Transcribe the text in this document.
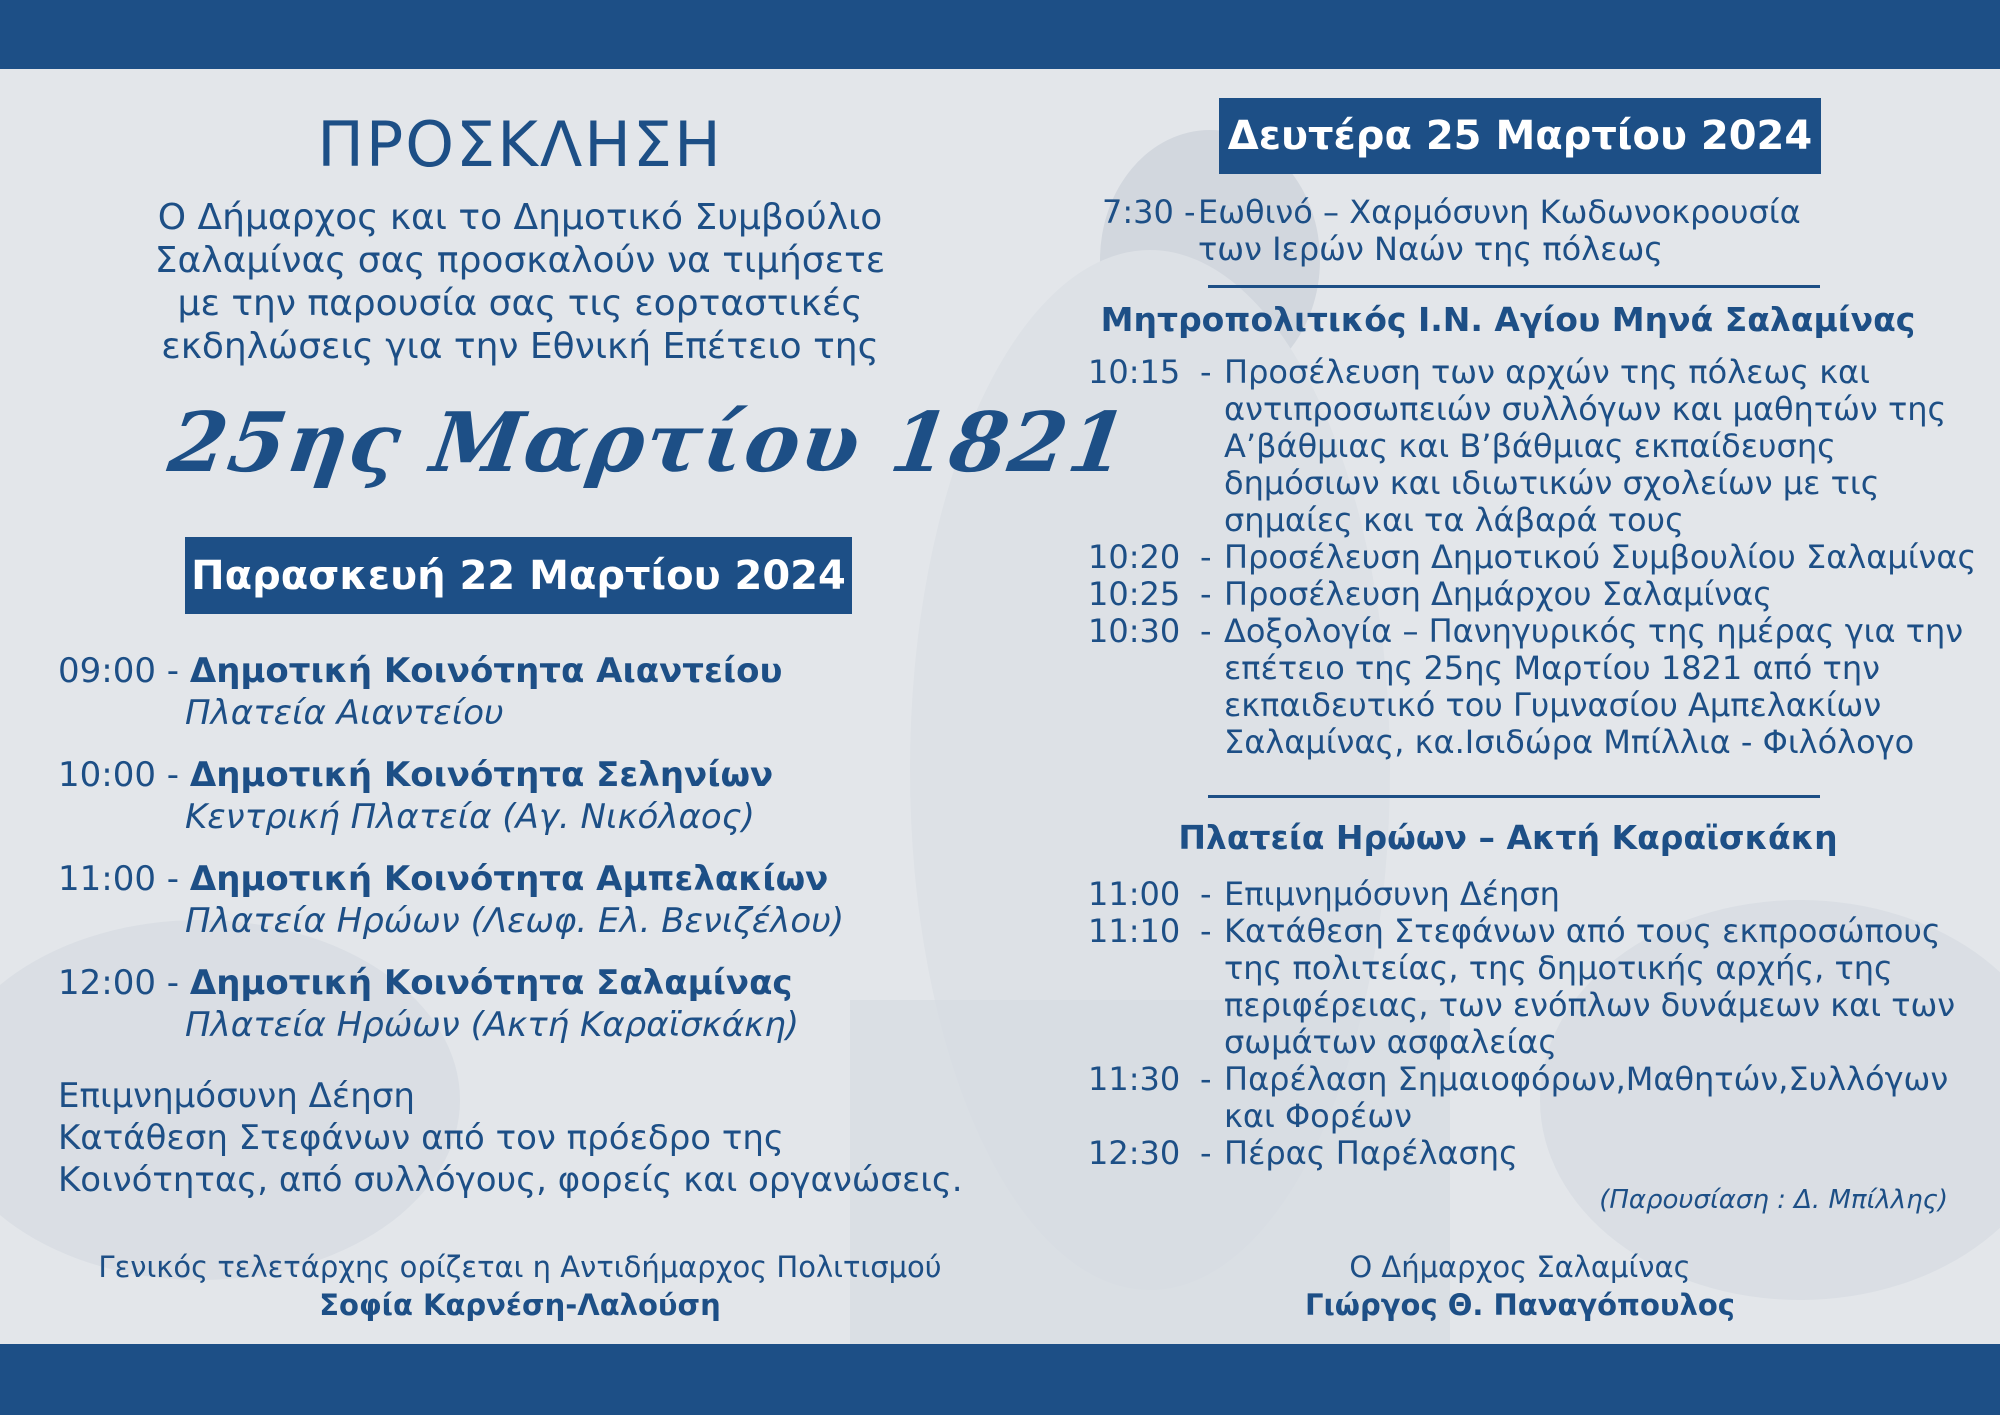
ΠΡΟΣΚΛΗΣΗ
Ο Δήμαρχος και το Δημοτικό Συμβούλιο
Σαλαμίνας σας προσκαλούν να τιμήσετε
με την παρουσία σας τις εορταστικές
εκδηλώσεις για την Εθνική Επέτειο της
25ης Μαρτίου 1821
Παρασκευή 22 Μαρτίου 2024
09:00 - Δημοτική Κοινότητα Αιαντείου
Πλατεία Αιαντείου
10:00 - Δημοτική Κοινότητα Σεληνίων
Κεντρική Πλατεία (Αγ. Νικόλαος)
11:00 - Δημοτική Κοινότητα Αμπελακίων
Πλατεία Ηρώων (Λεωφ. Ελ. Βενιζέλου)
12:00 - Δημοτική Κοινότητα Σαλαμίνας
Πλατεία Ηρώων (Ακτή Καραϊσκάκη)
Επιμνημόσυνη Δέηση
Κατάθεση Στεφάνων από τον πρόεδρο της
Κοινότητας, από συλλόγους, φορείς και οργανώσεις.
Γενικός τελετάρχης ορίζεται η Αντιδήμαρχος Πολιτισμού
Σοφία Καρνέση-Λαλούση
Δευτέρα 25 Μαρτίου 2024
7:30 - Εωθινό – Χαρμόσυνη Κωδωνοκρουσία
των Ιερών Ναών της πόλεως
Μητροπολιτικός Ι.Ν. Αγίου Μηνά Σαλαμίνας
10:15 - Προσέλευση των αρχών της πόλεως και
αντιπροσωπειών συλλόγων και μαθητών της
Α’βάθμιας και Β’βάθμιας εκπαίδευσης
δημόσιων και ιδιωτικών σχολείων με τις
σημαίες και τα λάβαρά τους
10:20 - Προσέλευση Δημοτικού Συμβουλίου Σαλαμίνας
10:25 - Προσέλευση Δημάρχου Σαλαμίνας
10:30 - Δοξολογία – Πανηγυρικός της ημέρας για την
επέτειο της 25ης Μαρτίου 1821 από την
εκπαιδευτικό του Γυμνασίου Αμπελακίων
Σαλαμίνας, κα.Ισιδώρα Μπίλλια - Φιλόλογο
Πλατεία Ηρώων – Ακτή Καραϊσκάκη
11:00 - Επιμνημόσυνη Δέηση
11:10 - Κατάθεση Στεφάνων από τους εκπροσώπους
της πολιτείας, της δημοτικής αρχής, της
περιφέρειας, των ενόπλων δυνάμεων και των
σωμάτων ασφαλείας
11:30 - Παρέλαση Σημαιοφόρων,Μαθητών,Συλλόγων
και Φορέων
12:30 - Πέρας Παρέλασης
(Παρουσίαση : Δ. Μπίλλης)
Ο Δήμαρχος Σαλαμίνας
Γιώργος Θ. Παναγόπουλος
